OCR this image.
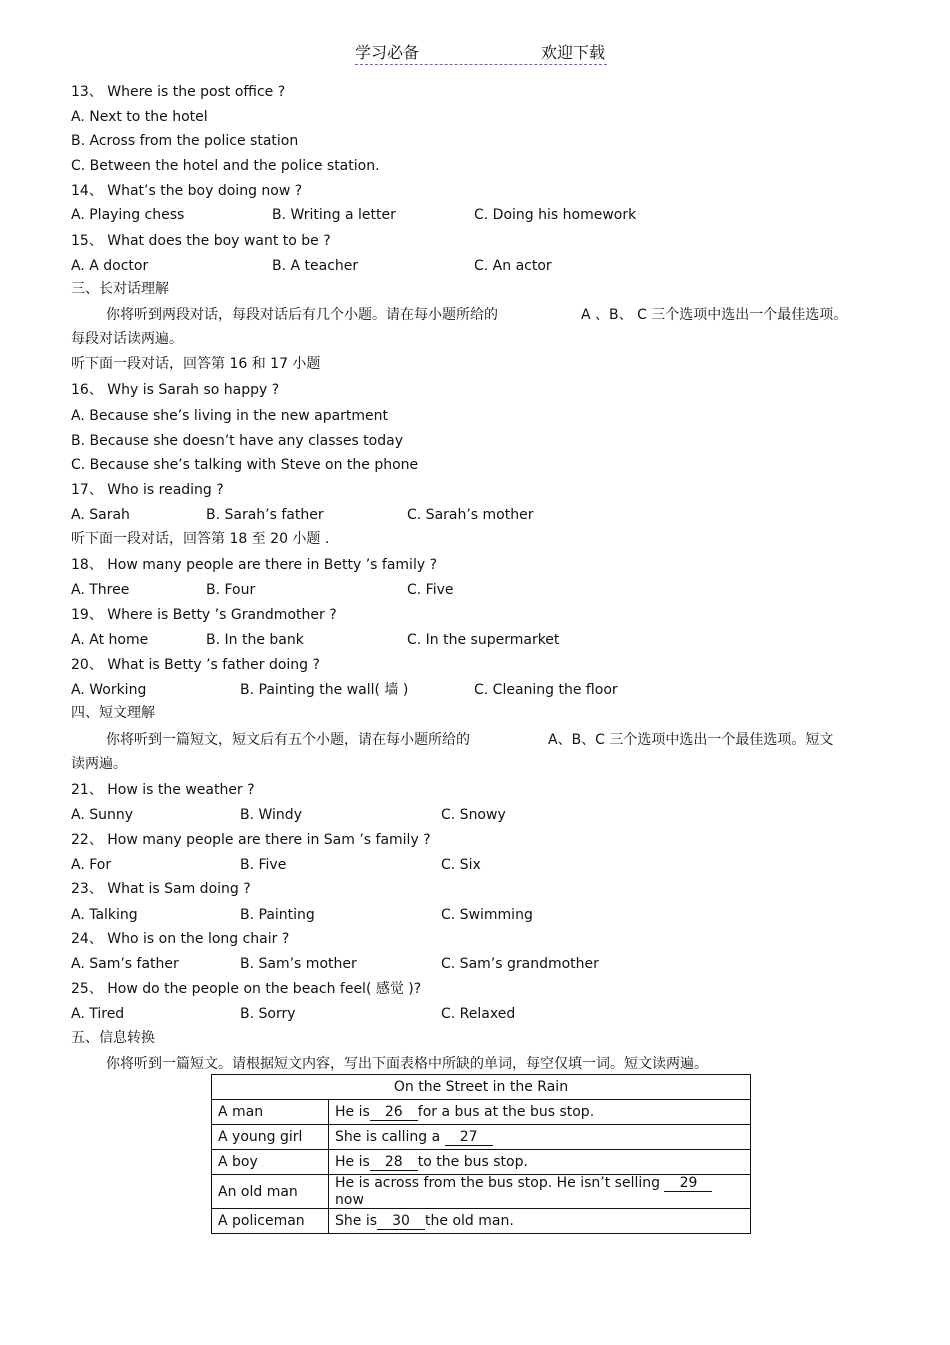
学习必备	欢迎下载
13、 Where is the post office ?
A. Next to the hotel
B. Across from the police station
C. Between the hotel and the police station.
14、 What’s the boy doing now ?
A. Playing chess	B. Writing a letter	C. Doing his homework
15、 What does the boy want to be ?
A. A doctor	B. A teacher	C. An actor
三、长对话理解
你将听到两段对话，每段对话后有几个小题。请在每小题所给的	A 、B、 C 三个选项中选出一个最佳选项。
每段对话读两遍。
听下面一段对话，回答第 16 和 17 小题
16、 Why is Sarah so happy ?
A. Because she’s living in the new apartment
B. Because she doesn’t have any classes today
C. Because she’s talking with Steve on the phone
17、 Who is reading ?
A. Sarah	B. Sarah’s father	C. Sarah’s mother
听下面一段对话，回答第 18 至 20 小题 .
18、 How many people are there in Betty ’s family ?
A. Three	B. Four	C. Five
19、 Where is Betty ’s Grandmother ?
A. At home	B. In the bank	C. In the supermarket
20、 What is Betty ’s father doing ?
A. Working	B. Painting the wall( 墙 )	C. Cleaning the floor
四、短文理解
你将听到一篇短文，短文后有五个小题，请在每小题所给的	A、B、C 三个选项中选出一个最佳选项。短文
读两遍。
21、 How is the weather ?
A. Sunny	B. Windy	C. Snowy
22、 How many people are there in Sam ’s family ?
A. For	B. Five	C. Six
23、 What is Sam doing ?
A. Talking	B. Painting	C. Swimming
24、 Who is on the long chair ?
A. Sam’s father	B. Sam’s mother	C. Sam’s grandmother
25、 How do the people on the beach feel( 感觉 )?
A. Tired	B. Sorry	C. Relaxed
五、信息转换
你将听到一篇短文。请根据短文内容，写出下面表格中所缺的单词，每空仅填一词。短文读两遍。
On the Street in the Rain	
A man	He is 26 for a bus at the bus stop.
A young girl	She is calling a 27
A boy	He is 28 to the bus stop.
An old man	He is across from the bus stop. He isn’t selling 29 now
A policeman	She is 30 the old man.
